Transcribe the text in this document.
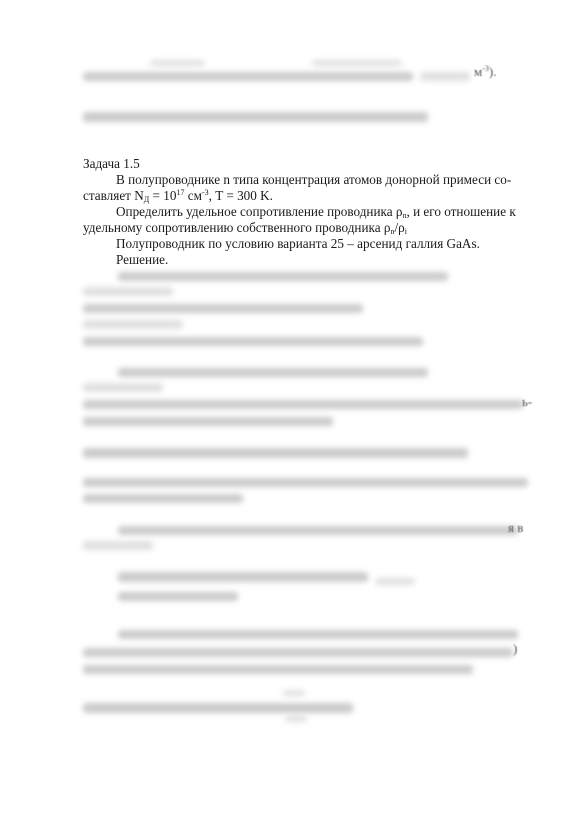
$м^{-3}$).
Задача 1.5
В полупроводнике n типа концентрация атомов донорной примеси со-
ставляет $N_Д = 10^{17}$ $см^{-3}$, T = 300 K.
Определить удельное сопротивление проводника $\rho_n$, и его отношение к
удельному сопротивлению собственного проводника $\rho_n/\rho_i$
Полупроводник по условию варианта 25 – арсенид галлия GaAs.
Решение.
ь-
я в
)
